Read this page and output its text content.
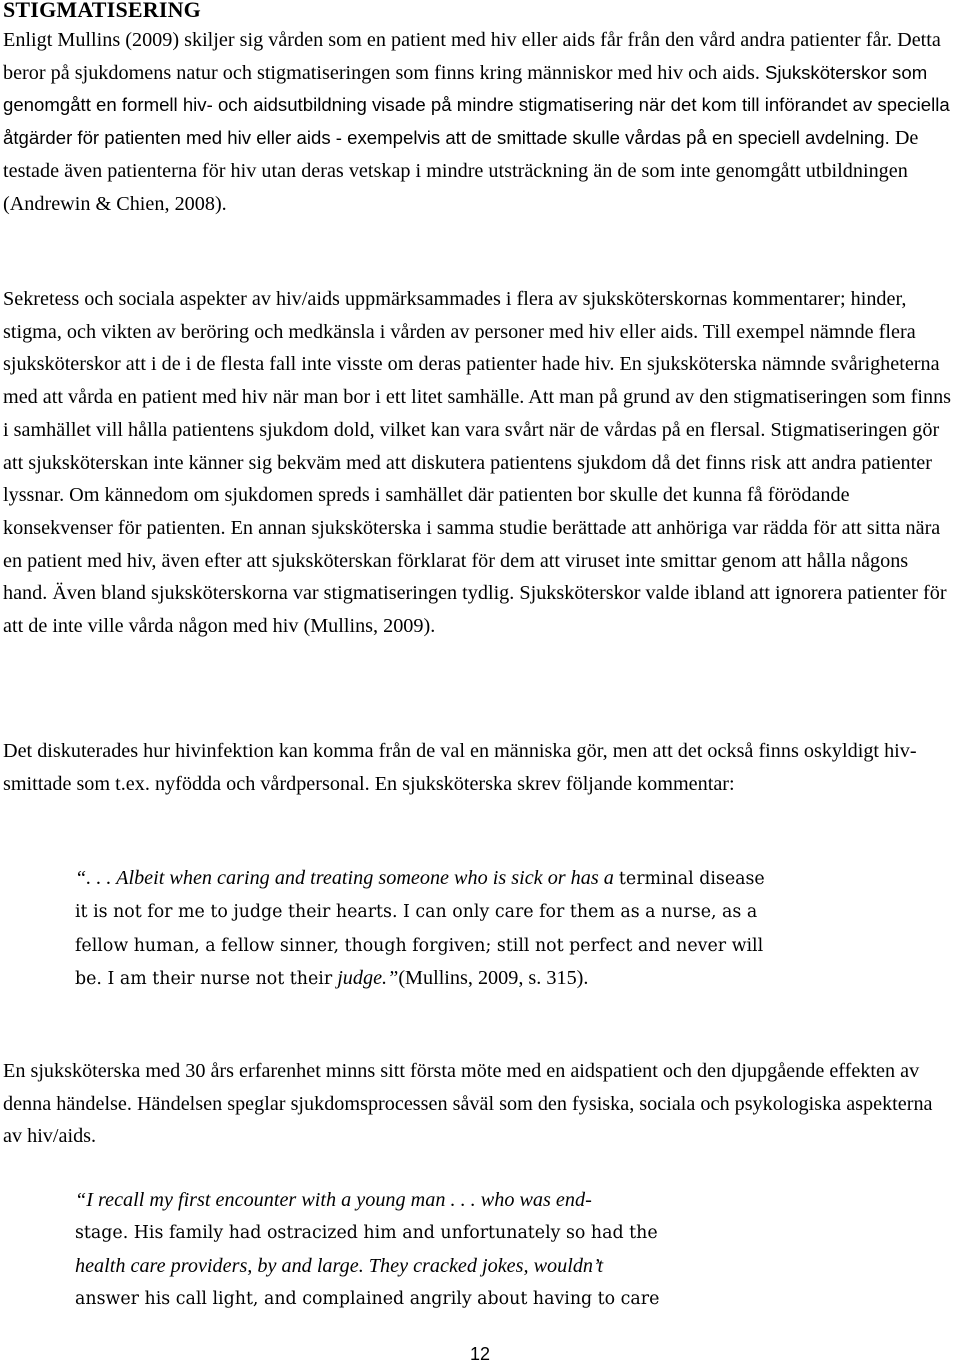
STIGMATISERING

Enligt Mullins (2009) skiljer sig vården som en patient med hiv eller aids får från den vård andra patienter får. Detta beror på sjukdomens natur och stigmatiseringen som finns kring människor med hiv och aids. Sjuksköterskor som genomgått en formell hiv- och aidsutbildning visade på mindre stigmatisering när det kom till införandet av speciella åtgärder för patienten med hiv eller aids - exempelvis att de smittade skulle vårdas på en speciell avdelning. De testade även patienterna för hiv utan deras vetskap i mindre utsträckning än de som inte genomgått utbildningen (Andrewin & Chien, 2008).

Sekretess och sociala aspekter av hiv/aids uppmärksammades i flera av sjuksköterskornas kommentarer; hinder, stigma, och vikten av beröring och medkänsla i vården av personer med hiv eller aids. Till exempel nämnde flera sjuksköterskor att i de i de flesta fall inte visste om deras patienter hade hiv. En sjuksköterska nämnde svårigheterna med att vårda en patient med hiv när man bor i ett litet samhälle. Att man på grund av den stigmatiseringen som finns i samhället vill hålla patientens sjukdom dold, vilket kan vara svårt när de vårdas på en flersal. Stigmatiseringen gör att sjuksköterskan inte känner sig bekväm med att diskutera patientens sjukdom då det finns risk att andra patienter lyssnar. Om kännedom om sjukdomen spreds i samhället där patienten bor skulle det kunna få förödande konsekvenser för patienten. En annan sjuksköterska i samma studie berättade att anhöriga var rädda för att sitta nära en patient med hiv, även efter att sjuksköterskan förklarat för dem att viruset inte smittar genom att hålla någons hand. Även bland sjuksköterskorna var stigmatiseringen tydlig. Sjuksköterskor valde ibland att ignorera patienter för att de inte ville vårda någon med hiv (Mullins, 2009).

Det diskuterades hur hivinfektion kan komma från de val en människa gör, men att det också finns oskyldigt hiv-smittade som t.ex. nyfödda och vårdpersonal. En sjuksköterska skrev följande kommentar:

“. . . Albeit when caring and treating someone who is sick or has a terminal disease it is not for me to judge their hearts. I can only care for them as a nurse, as a fellow human, a fellow sinner, though forgiven; still not perfect and never will be. I am their nurse not their judge.”(Mullins, 2009, s. 315).

En sjuksköterska med 30 års erfarenhet minns sitt första möte med en aidspatient och den djupgående effekten av denna händelse. Händelsen speglar sjukdomsprocessen såväl som den fysiska, sociala och psykologiska aspekterna av hiv/aids.

“I recall my first encounter with a young man . . . who was end-
stage. His family had ostracized him and unfortunately so had the
health care providers, by and large. They cracked jokes, wouldn’t
answer his call light, and complained angrily about having to care

12
